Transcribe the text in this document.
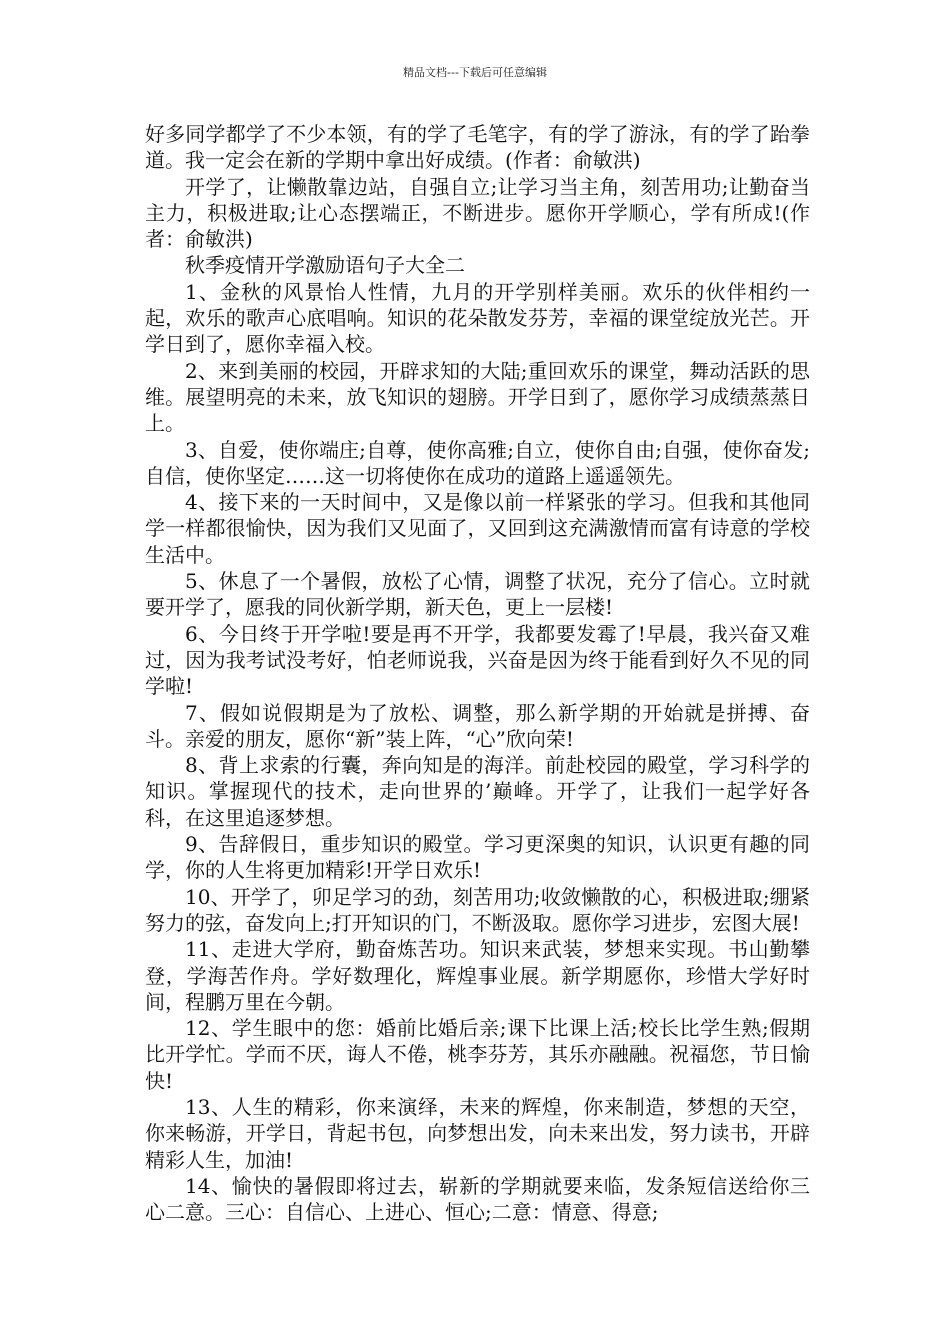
精品文档---下载后可任意编辑

好多同学都学了不少本领，有的学了毛笔字，有的学了游泳，有的学了跆拳道。我一定会在新的学期中拿出好成绩。(作者：俞敏洪)

开学了，让懒散靠边站，自强自立;让学习当主角，刻苦用功;让勤奋当主力，积极进取;让心态摆端正，不断进步。愿你开学顺心，学有所成!(作者：俞敏洪)

秋季疫情开学激励语句子大全二

1、金秋的风景怡人性情，九月的开学别样美丽。欢乐的伙伴相约一起，欢乐的歌声心底唱响。知识的花朵散发芬芳，幸福的课堂绽放光芒。开学日到了，愿你幸福入校。

2、来到美丽的校园，开辟求知的大陆;重回欢乐的课堂，舞动活跃的思维。展望明亮的未来，放飞知识的翅膀。开学日到了，愿你学习成绩蒸蒸日上。

3、自爱，使你端庄;自尊，使你高雅;自立，使你自由;自强，使你奋发;自信，使你坚定……这一切将使你在成功的道路上遥遥领先。

4、接下来的一天时间中，又是像以前一样紧张的学习。但我和其他同学一样都很愉快，因为我们又见面了，又回到这充满激情而富有诗意的学校生活中。

5、休息了一个暑假，放松了心情，调整了状况，充分了信心。立时就要开学了，愿我的同伙新学期，新天色，更上一层楼!

6、今日终于开学啦!要是再不开学，我都要发霉了!早晨，我兴奋又难过，因为我考试没考好，怕老师说我，兴奋是因为终于能看到好久不见的同学啦!

7、假如说假期是为了放松、调整，那么新学期的开始就是拼搏、奋斗。亲爱的朋友，愿你“新”装上阵，“心”欣向荣!

8、背上求索的行囊，奔向知是的海洋。前赴校园的殿堂，学习科学的知识。掌握现代的技术，走向世界的’巅峰。开学了，让我们一起学好各科，在这里追逐梦想。

9、告辞假日，重步知识的殿堂。学习更深奥的知识，认识更有趣的同学，你的人生将更加精彩!开学日欢乐!

10、开学了，卯足学习的劲，刻苦用功;收敛懒散的心，积极进取;绷紧努力的弦，奋发向上;打开知识的门，不断汲取。愿你学习进步，宏图大展!

11、走进大学府，勤奋炼苦功。知识来武装，梦想来实现。书山勤攀登，学海苦作舟。学好数理化，辉煌事业展。新学期愿你，珍惜大学好时间，程鹏万里在今朝。

12、学生眼中的您：婚前比婚后亲;课下比课上活;校长比学生熟;假期比开学忙。学而不厌，诲人不倦，桃李芬芳，其乐亦融融。祝福您，节日愉快!

13、人生的精彩，你来演绎，未来的辉煌，你来制造，梦想的天空，你来畅游，开学日，背起书包，向梦想出发，向未来出发，努力读书，开辟精彩人生，加油!

14、愉快的暑假即将过去，崭新的学期就要来临，发条短信送给你三心二意。三心：自信心、上进心、恒心;二意：情意、得意;
